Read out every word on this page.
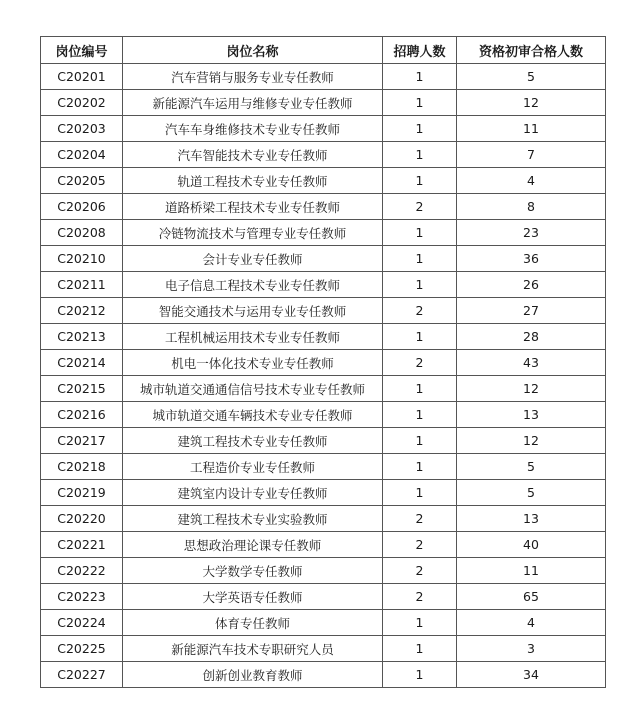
岗位编号	岗位名称	招聘人数	资格初审合格人数
C20201	汽车营销与服务专业专任教师	1	5
C20202	新能源汽车运用与维修专业专任教师	1	12
C20203	汽车车身维修技术专业专任教师	1	11
C20204	汽车智能技术专业专任教师	1	7
C20205	轨道工程技术专业专任教师	1	4
C20206	道路桥梁工程技术专业专任教师	2	8
C20208	冷链物流技术与管理专业专任教师	1	23
C20210	会计专业专任教师	1	36
C20211	电子信息工程技术专业专任教师	1	26
C20212	智能交通技术与运用专业专任教师	2	27
C20213	工程机械运用技术专业专任教师	1	28
C20214	机电一体化技术专业专任教师	2	43
C20215	城市轨道交通通信信号技术专业专任教师	1	12
C20216	城市轨道交通车辆技术专业专任教师	1	13
C20217	建筑工程技术专业专任教师	1	12
C20218	工程造价专业专任教师	1	5
C20219	建筑室内设计专业专任教师	1	5
C20220	建筑工程技术专业实验教师	2	13
C20221	思想政治理论课专任教师	2	40
C20222	大学数学专任教师	2	11
C20223	大学英语专任教师	2	65
C20224	体育专任教师	1	4
C20225	新能源汽车技术专职研究人员	1	3
C20227	创新创业教育教师	1	34
